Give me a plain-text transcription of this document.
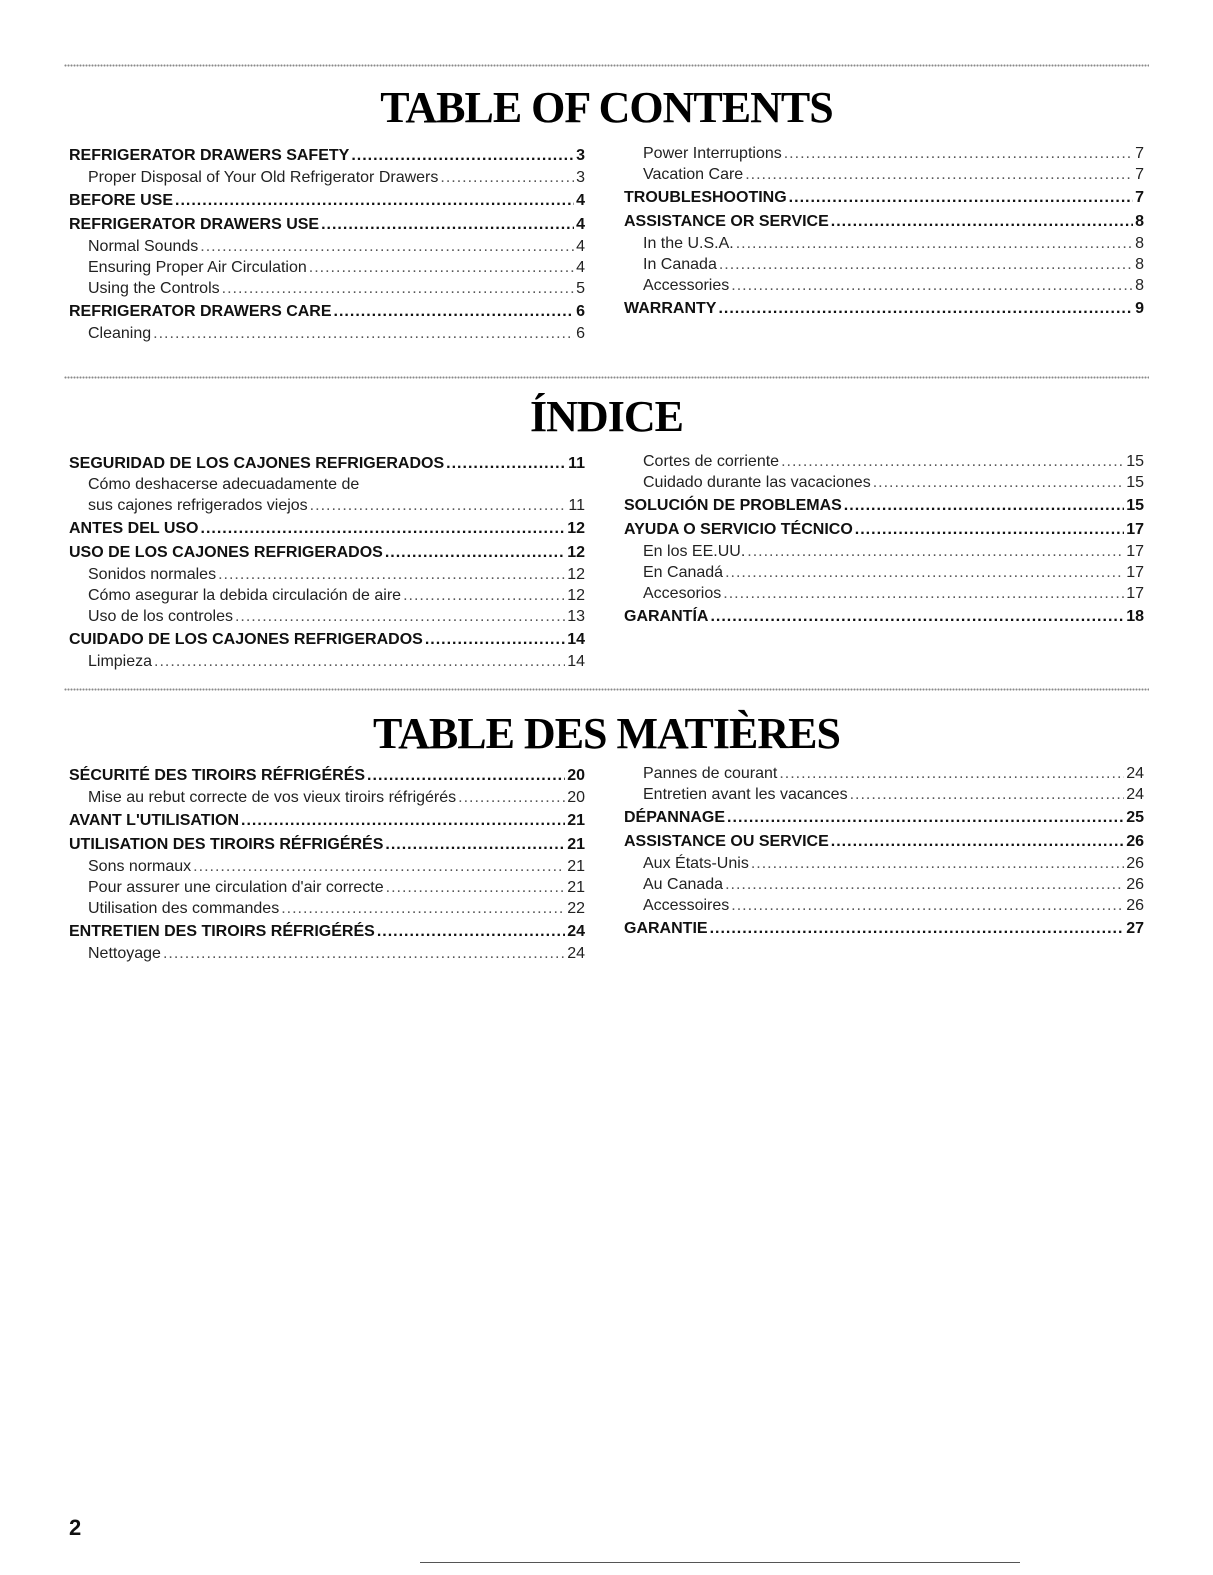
TABLE OF CONTENTS
REFRIGERATOR DRAWERS SAFETY .....	3
Proper Disposal of Your Old Refrigerator Drawers .....	3
BEFORE USE .....	4
REFRIGERATOR DRAWERS USE .....	4
Normal Sounds .....	4
Ensuring Proper Air Circulation .....	4
Using the Controls .....	5
REFRIGERATOR DRAWERS CARE .....	6
Cleaning .....	6
Power Interruptions .....	7
Vacation Care .....	7
TROUBLESHOOTING .....	7
ASSISTANCE OR SERVICE .....	8
In the U.S.A. .....	8
In Canada .....	8
Accessories .....	8
WARRANTY .....	9
ÍNDICE
SEGURIDAD DE LOS CAJONES REFRIGERADOS .....	11
Cómo deshacerse adecuadamente de
sus cajones refrigerados viejos .....	11
ANTES DEL USO .....	12
USO DE LOS CAJONES REFRIGERADOS .....	12
Sonidos normales .....	12
Cómo asegurar la debida circulación de aire .....	12
Uso de los controles .....	13
CUIDADO DE LOS CAJONES REFRIGERADOS .....	14
Limpieza .....	14
Cortes de corriente .....	15
Cuidado durante las vacaciones .....	15
SOLUCIÓN DE PROBLEMAS .....	15
AYUDA O SERVICIO TÉCNICO .....	17
En los EE.UU. .....	17
En Canadá .....	17
Accesorios .....	17
GARANTÍA .....	18
TABLE DES MATIÈRES
SÉCURITÉ DES TIROIRS RÉFRIGÉRÉS .....	20
Mise au rebut correcte de vos vieux tiroirs réfrigérés .....	20
AVANT L'UTILISATION .....	21
UTILISATION DES TIROIRS RÉFRIGÉRÉS .....	21
Sons normaux .....	21
Pour assurer une circulation d'air correcte .....	21
Utilisation des commandes .....	22
ENTRETIEN DES TIROIRS RÉFRIGÉRÉS .....	24
Nettoyage .....	24
Pannes de courant .....	24
Entretien avant les vacances .....	24
DÉPANNAGE .....	25
ASSISTANCE OU SERVICE .....	26
Aux États-Unis .....	26
Au Canada .....	26
Accessoires .....	26
GARANTIE .....	27
2
